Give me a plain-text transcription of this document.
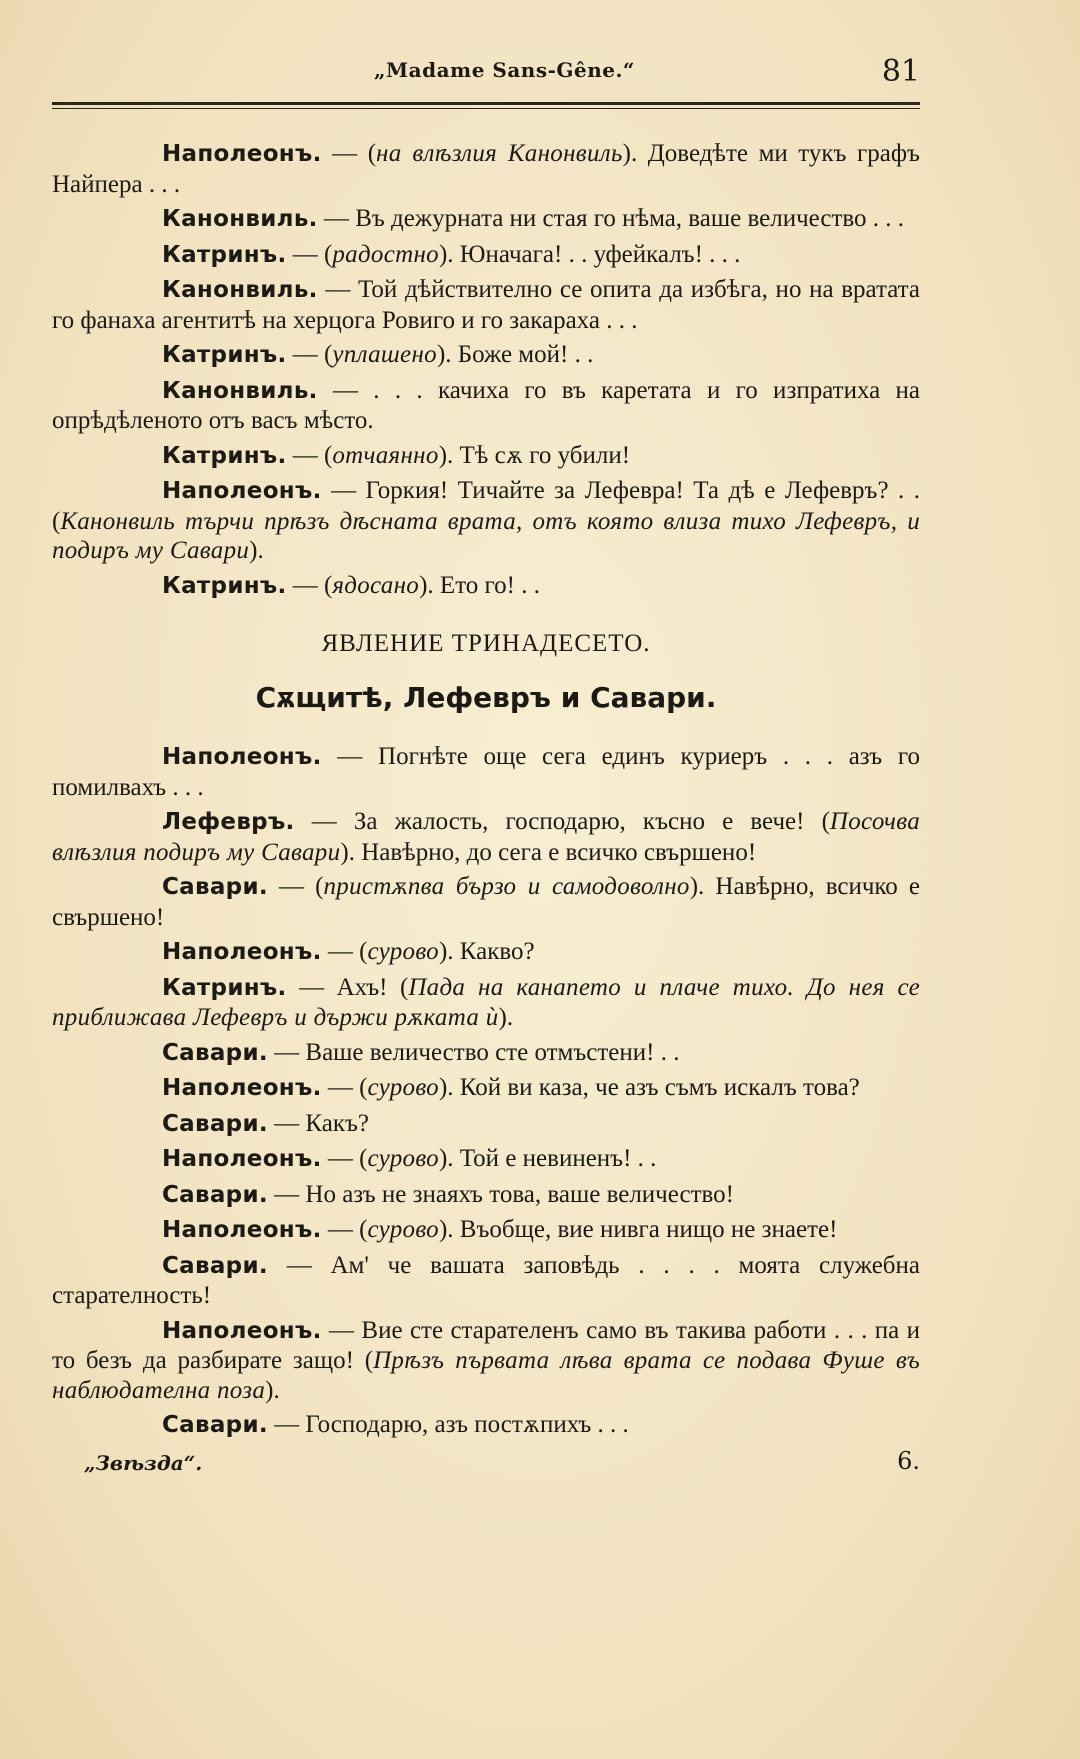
„Madame Sans-Gêne.“	81

Наполеонъ. — (на влѣзлия Канонвиль). Доведѣте ми тукъ графъ Найпера . . .

Канонвиль. — Въ дежурната ни стая го нѣма, ваше величество . . .

Катринъ. — (радостно). Юначага! . . уфейкалъ! . . .

Канонвиль. — Той дѣйствително се опита да избѣга, но на вратата го фанаха агентитѣ на херцога Ровиго и го закараха . . .

Катринъ. — (уплашено). Боже мой! . .

Канонвиль. — . . . качиха го въ каретата и го изпратиха на опрѣдѣленото отъ васъ мѣсто.

Катринъ. — (отчаянно). Тѣ сѫ го убили!

Наполеонъ. — Горкия! Тичайте за Лефевра! Та дѣ е Лефевръ? . . (Канонвиль търчи прѣзъ дѣсната врата, отъ която влиза тихо Лефевръ, и подиръ му Савари).

Катринъ. — (ядосано). Ето го! . .

ЯВЛЕНИЕ ТРИНАДЕСЕТО.
Сѫщитѣ, Лефевръ и Савари.

Наполеонъ. — Погнѣте още сега единъ куриеръ . . . азъ го помилвахъ . . .

Лефевръ. — За жалость, господарю, късно е вече! (Посочва влѣзлия подиръ му Савари). Навѣрно, до сега е всичко свършено!

Савари. — (пристѫпва бързо и самодоволно). Навѣрно, всичко е свършено!

Наполеонъ. — (сурово). Какво?

Катринъ. — Ахъ! (Пада на канапето и плаче тихо. До нея се приближава Лефевръ и държи рѫката ѝ).

Савари. — Ваше величество сте отмъстени! . .

Наполеонъ. — (сурово). Кой ви каза, че азъ съмъ искалъ това?

Савари. — Какъ?

Наполеонъ. — (сурово). Той е невиненъ! . .

Савари. — Но азъ не знаяхъ това, ваше величество!

Наполеонъ. — (сурово). Въобще, вие нивга нищо не знаете!

Савари. — Ам' че вашата заповѣдь . . . . моята служебна старателность!

Наполеонъ. — Вие сте старателенъ само въ такива работи . . . па и то безъ да разбирате защо! (Прѣзъ първата лѣва врата се подава Фуше въ наблюдателна поза).

Савари. — Господарю, азъ постѫпихъ . . .

„Звѣзда“.	6.
